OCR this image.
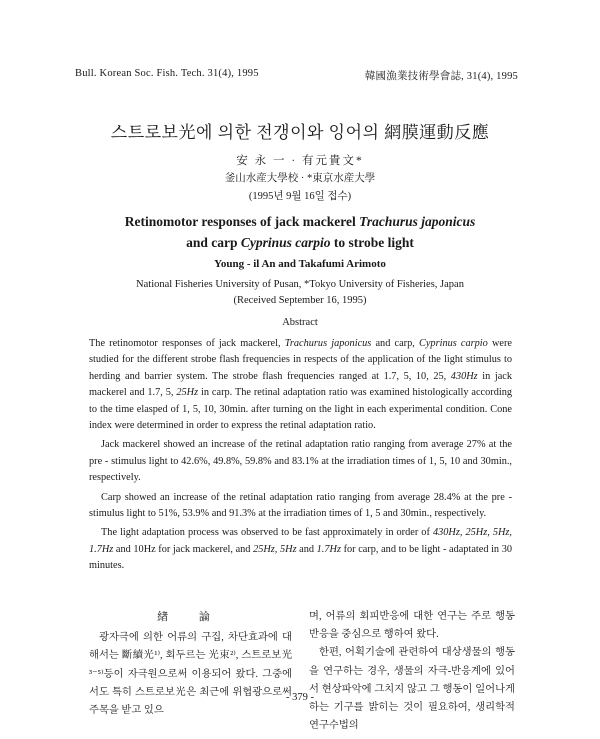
Bull. Korean Soc. Fish. Tech. 31(4), 1995	韓國漁業技術學會誌, 31(4), 1995
스트로보光에 의한 전갱이와 잉어의 網膜運動反應
安 永 一 · 有元貴文*
釜山水産大學校 · *東京水産大學
(1995년 9월 16일 접수)
Retinomotor responses of jack mackerel Trachurus japonicus
and carp Cyprinus carpio to strobe light
Young - il An and Takafumi Arimoto
National Fisheries University of Pusan, *Tokyo University of Fisheries, Japan
(Received September 16, 1995)
Abstract

The retinomotor responses of jack mackerel, Trachurus japonicus and carp, Cyprinus carpio were studied for the different strobe flash frequencies in respects of the application of the light stimulus to herding and barrier system. The strobe flash frequencies ranged at 1.7, 5, 10, 25, 430Hz in jack mackerel and 1.7, 5, 25Hz in carp. The retinal adaptation ratio was examined histologically according to the time elasped of 1, 5, 10, 30min. after turning on the light in each experimental condition. Cone index were determined in order to express the retinal adaptation ratio.

Jack mackerel showed an increase of the retinal adaptation ratio ranging from average 27% at the pre - stimulus light to 42.6%, 49.8%, 59.8% and 83.1% at the irradiation times of 1, 5, 10 and 30min., respectively.

Carp showed an increase of the retinal adaptation ratio ranging from average 28.4% at the pre - stimulus light to 51%, 53.9% and 91.3% at the irradiation times of 1, 5 and 30min., respectively.

The light adaptation process was observed to be fast approximately in order of 430Hz, 25Hz, 5Hz, 1.7Hz and 10Hz for jack mackerel, and 25Hz, 5Hz and 1.7Hz for carp, and to be light - adaptated in 30 minutes.

緖 論

광자극에 의한 어류의 구집, 차단효과에 대해서는 斷續光¹⁾, 회두르는 光束²⁾, 스트로보光³⁻⁵⁾등이 자극원으로써 이용되어 왔다. 그중에서도 특히 스트로보光은 최근에 위협광으로써 주목을 받고 있으

며, 어류의 회피반응에 대한 연구는 주로 행동반응을 중심으로 행하여 왔다.

한편, 어획기술에 관련하여 대상생물의 행동을 연구하는 경우, 생물의 자극-반응계에 있어서 현상파악에 그치지 않고 그 행동이 일어나게 하는 기구를 밝히는 것이 필요하여, 생리학적 연구수법의

- 379 -
